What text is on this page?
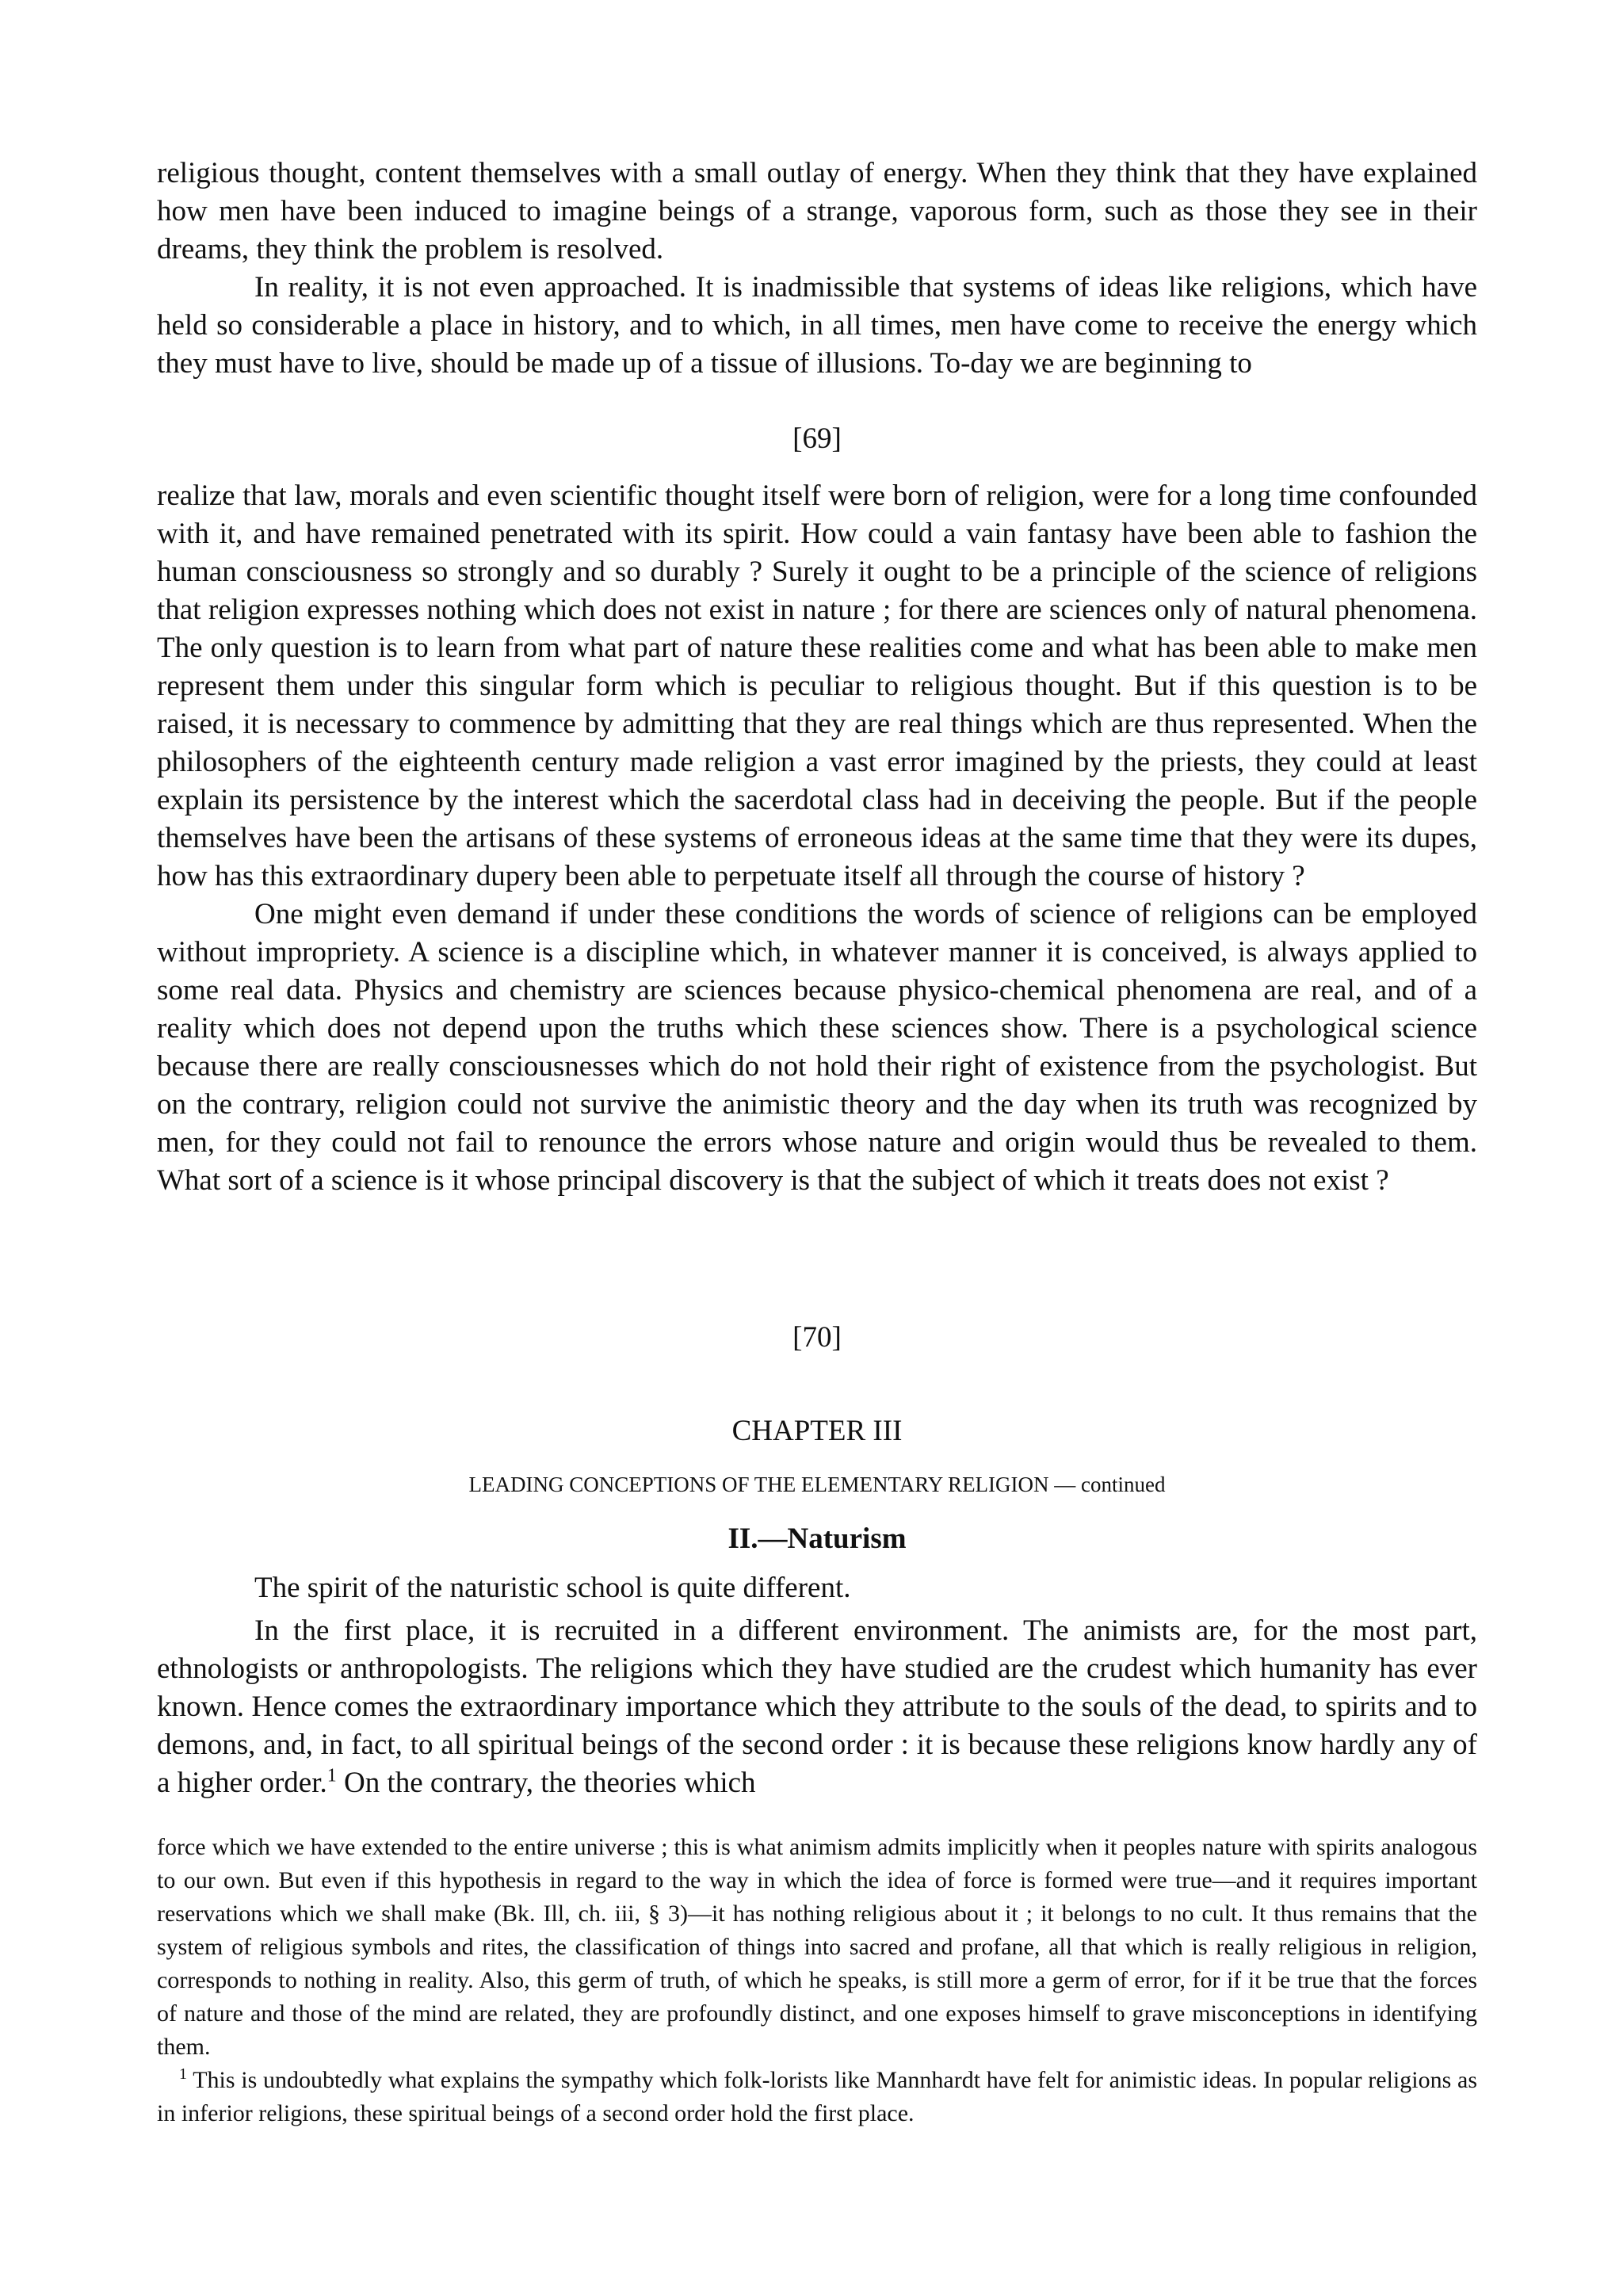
religious thought, content themselves with a small outlay of energy. When they think that they have explained how men have been induced to imagine beings of a strange, vaporous form, such as those they see in their dreams, they think the problem is resolved.

In reality, it is not even approached. It is inadmissible that systems of ideas like religions, which have held so considerable a place in history, and to which, in all times, men have come to receive the energy which they must have to live, should be made up of a tissue of illusions. To-day we are beginning to

[69]

realize that law, morals and even scientific thought itself were born of religion, were for a long time confounded with it, and have remained penetrated with its spirit. How could a vain fantasy have been able to fashion the human consciousness so strongly and so durably ? Surely it ought to be a principle of the science of religions that religion expresses nothing which does not exist in nature ; for there are sciences only of natural phenomena. The only question is to learn from what part of nature these realities come and what has been able to make men represent them under this singular form which is peculiar to religious thought. But if this question is to be raised, it is necessary to commence by admitting that they are real things which are thus represented. When the philosophers of the eighteenth century made religion a vast error imagined by the priests, they could at least explain its persistence by the interest which the sacerdotal class had in deceiving the people. But if the people themselves have been the artisans of these systems of erroneous ideas at the same time that they were its dupes, how has this extraordinary dupery been able to perpetuate itself all through the course of history ?

One might even demand if under these conditions the words of science of religions can be employed without impropriety. A science is a discipline which, in whatever manner it is conceived, is always applied to some real data. Physics and chemistry are sciences because physico-chemical phenomena are real, and of a reality which does not depend upon the truths which these sciences show. There is a psychological science because there are really consciousnesses which do not hold their right of existence from the psychologist. But on the contrary, religion could not survive the animistic theory and the day when its truth was recognized by men, for they could not fail to renounce the errors whose nature and origin would thus be revealed to them. What sort of a science is it whose principal discovery is that the subject of which it treats does not exist ?

[70]
CHAPTER III
LEADING CONCEPTIONS OF THE ELEMENTARY RELIGION — continued
II.—Naturism

The spirit of the naturistic school is quite different.

In the first place, it is recruited in a different environment. The animists are, for the most part, ethnologists or anthropologists. The religions which they have studied are the crudest which humanity has ever known. Hence comes the extraordinary importance which they attribute to the souls of the dead, to spirits and to demons, and, in fact, to all spiritual beings of the second order : it is because these religions know hardly any of a higher order.$^1$ On the contrary, the theories which

force which we have extended to the entire universe ; this is what animism admits implicitly when it peoples nature with spirits analogous to our own. But even if this hypothesis in regard to the way in which the idea of force is formed were true—and it requires important reservations which we shall make (Bk. Ill, ch. iii, § 3)—it has nothing religious about it ; it belongs to no cult. It thus remains that the system of religious symbols and rites, the classification of things into sacred and profane, all that which is really religious in religion, corresponds to nothing in reality. Also, this germ of truth, of which he speaks, is still more a germ of error, for if it be true that the forces of nature and those of the mind are related, they are profoundly distinct, and one exposes himself to grave misconceptions in identifying them.

$^1$ This is undoubtedly what explains the sympathy which folk-lorists like Mannhardt have felt for animistic ideas. In popular religions as in inferior religions, these spiritual beings of a second order hold the first place.
